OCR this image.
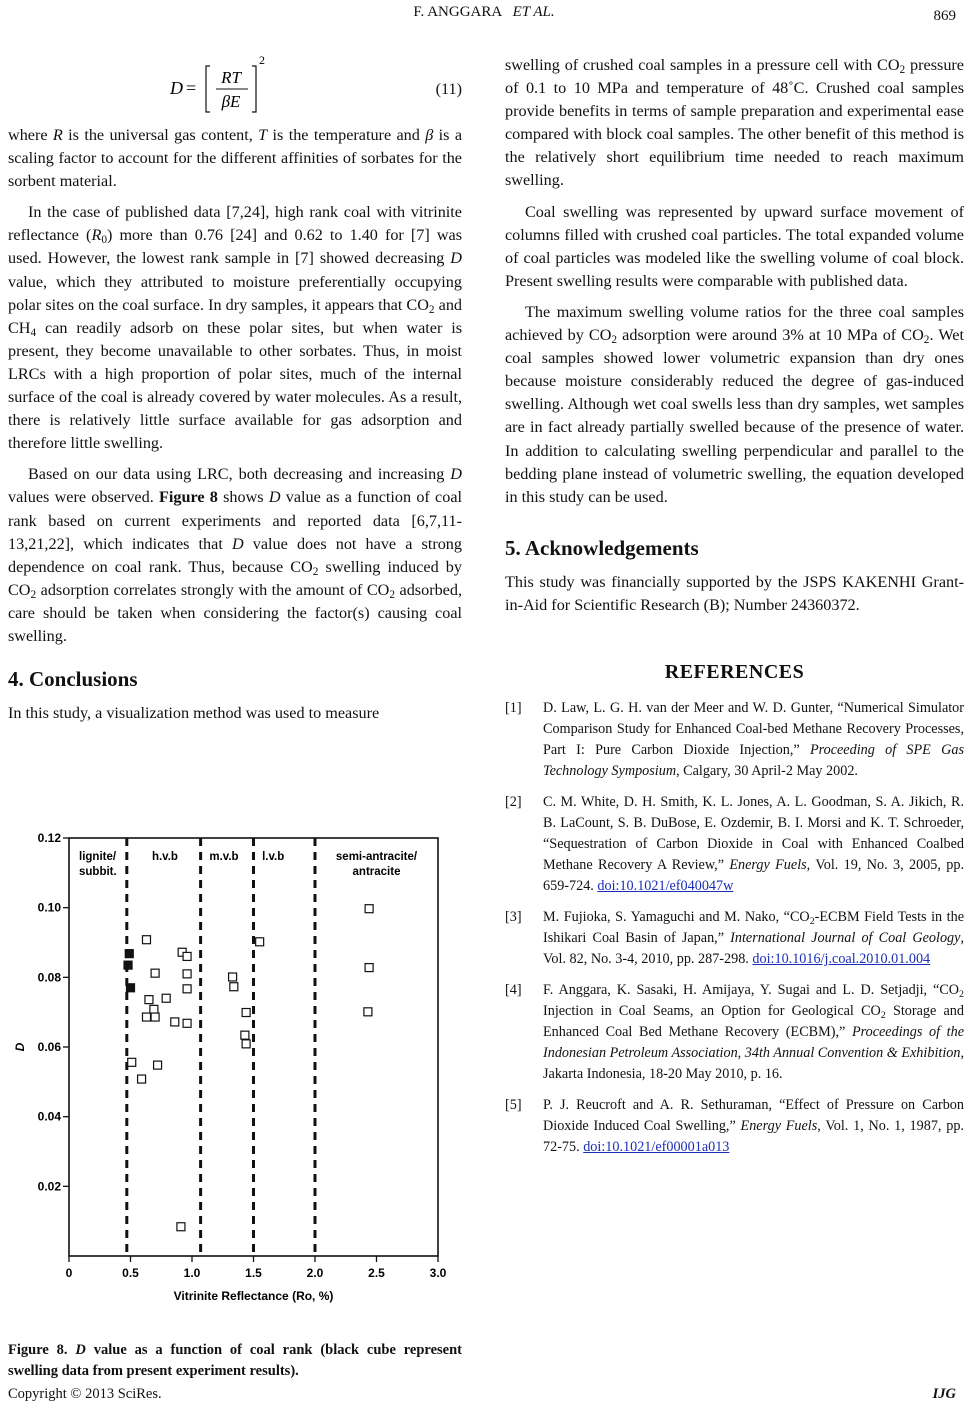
F. ANGGARA ET AL.	869
D =
RT
βE
2
(11)

where R is the universal gas content, T is the temperature and β is a scaling factor to account for the different affinities of sorbates for the sorbent material.

In the case of published data [7,24], high rank coal with vitrinite reflectance $(R_0)$ more than 0.76 [24] and 0.62 to 1.40 for [7] was used. However, the lowest rank sample in [7] showed decreasing D value, which they attributed to moisture preferentially occupying polar sites on the coal surface. In dry samples, it appears that $CO_2$ and $CH_4$ can readily adsorb on these polar sites, but when water is present, they become unavailable to other sorbates. Thus, in moist LRCs with a high proportion of polar sites, much of the internal surface of the coal is already covered by water molecules. As a result, there is relatively little surface available for gas adsorption and therefore little swelling.

Based on our data using LRC, both decreasing and increasing D values were observed. Figure 8 shows D value as a function of coal rank based on current experiments and reported data [6,7,11-13,21,22], which indicates that D value does not have a strong dependence on coal rank. Thus, because $CO_2$ swelling induced by $CO_2$ adsorption correlates strongly with the amount of $CO_2$ adsorbed, care should be taken when considering the factor(s) causing coal swelling.

4. Conclusions

In this study, a visualization method was used to measure

swelling of crushed coal samples in a pressure cell with $CO_2$ pressure of 0.1 to 10 MPa and temperature of 48˚C. Crushed coal samples provide benefits in terms of sample preparation and experimental ease compared with block coal samples. The other benefit of this method is the relatively short equilibrium time needed to reach maximum swelling.

Coal swelling was represented by upward surface movement of columns filled with crushed coal particles. The total expanded volume of coal particles was modeled like the swelling volume of coal block. Present swelling results were comparable with published data.

The maximum swelling volume ratios for the three coal samples achieved by $CO_2$ adsorption were around 3% at 10 MPa of $CO_2$. Wet coal samples showed lower volumetric expansion than dry ones because moisture considerably reduced the degree of gas-induced swelling. Although wet coal swells less than dry samples, wet samples are in fact already partially swelled because of the presence of water. In addition to calculating swelling perpendicular and parallel to the bedding plane instead of volumetric swelling, the equation developed in this study can be used.

5. Acknowledgements

This study was financially supported by the JSPS KAKENHI Grant-in-Aid for Scientific Research (B); Number 24360372.

REFERENCES
[1] D. Law, L. G. H. van der Meer and W. D. Gunter, “Numerical Simulator Comparison Study for Enhanced Coal-bed Methane Recovery Processes, Part I: Pure Carbon Dioxide Injection,” Proceeding of SPE Gas Technology Symposium, Calgary, 30 April-2 May 2002.
[2] C. M. White, D. H. Smith, K. L. Jones, A. L. Goodman, S. A. Jikich, R. B. LaCount, S. B. DuBose, E. Ozdemir, B. I. Morsi and K. T. Schroeder, “Sequestration of Carbon Dioxide in Coal with Enhanced Coalbed Methane Recovery A Review,” Energy Fuels, Vol. 19, No. 3, 2005, pp. 659-724. doi:10.1021/ef040047w
[3] M. Fujioka, S. Yamaguchi and M. Nako, “$CO_2$-ECBM Field Tests in the Ishikari Coal Basin of Japan,” International Journal of Coal Geology, Vol. 82, No. 3-4, 2010, pp. 287-298. doi:10.1016/j.coal.2010.01.004
[4] F. Anggara, K. Sasaki, H. Amijaya, Y. Sugai and L. D. Setjadji, “$CO_2$ Injection in Coal Seams, an Option for Geological $CO_2$ Storage and Enhanced Coal Bed Methane Recovery (ECBM),” Proceedings of the Indonesian Petroleum Association, 34th Annual Convention & Exhibition, Jakarta Indonesia, 18-20 May 2010, p. 16.
[5] P. J. Reucroft and A. R. Sethuraman, “Effect of Pressure on Carbon Dioxide Induced Coal Swelling,” Energy Fuels, Vol. 1, No. 1, 1987, pp. 72-75. doi:10.1021/ef00001a013
0	0.5	1.0	1.5	2.0	2.5	3.0
0.02
0.04
0.06
0.08
0.10
0.12
Vitrinite Reflectance (Ro, %)
D
lignite/
subbit.
h.v.b	m.v.b l.v.b	semi-antracite/
antracite
Figure 8. D value as a function of coal rank (black cube represent swelling data from present experiment results).
Copyright © 2013 SciRes.	IJG
